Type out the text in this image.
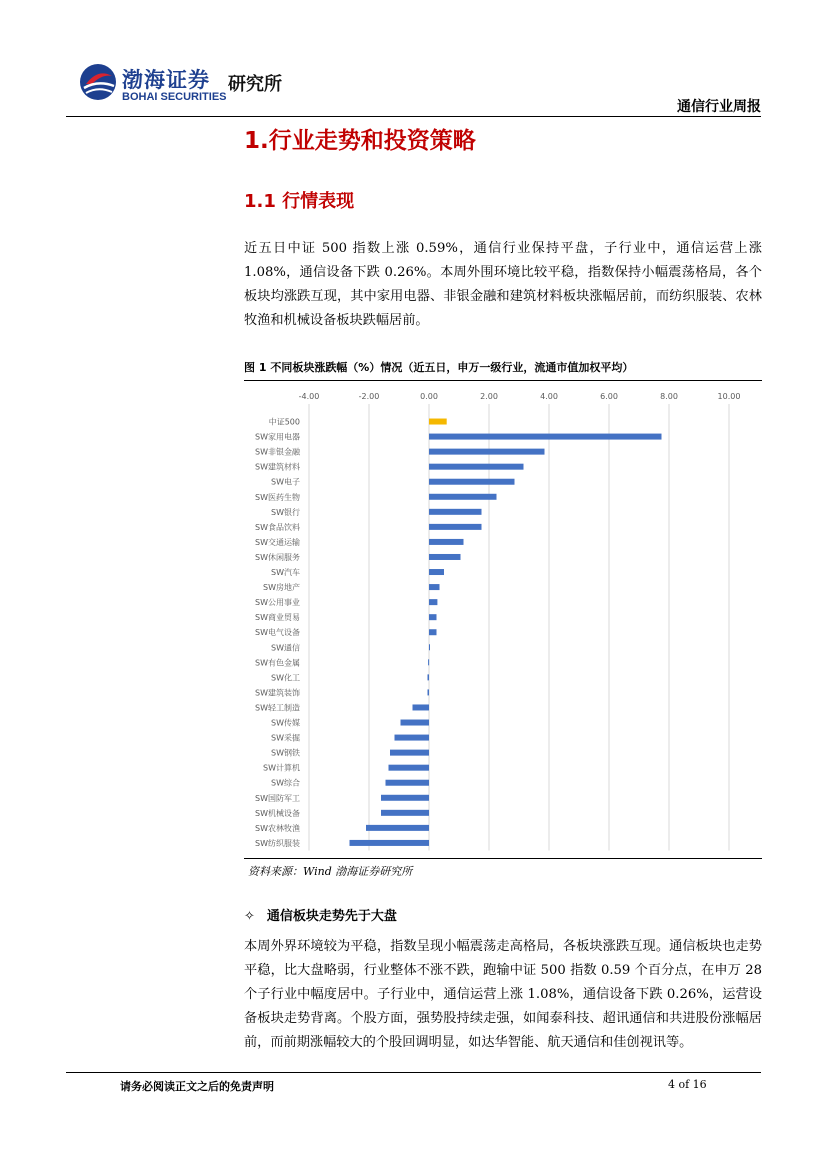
渤海证券
BOHAI SECURITIES
研究所
通信行业周报
1.行业走势和投资策略
1.1 行情表现
近五日中证 500 指数上涨 0.59%，通信行业保持平盘，子行业中，通信运营上涨 1.08%，通信设备下跌 0.26%。本周外围环境比较平稳，指数保持小幅震荡格局，各个板块均涨跌互现，其中家用电器、非银金融和建筑材料板块涨幅居前，而纺织服装、农林牧渔和机械设备板块跌幅居前。
图 1 不同板块涨跌幅（%）情况（近五日，申万一级行业，流通市值加权平均）
-4.00	-2.00	0.00	2.00	4.00	6.00	8.00	10.00
中证500
SW家用电器
SW非银金融
SW建筑材料
SW电子
SW医药生物
SW银行
SW食品饮料
SW交通运输
SW休闲服务
SW汽车
SW房地产
SW公用事业
SW商业贸易
SW电气设备
SW通信
SW有色金属
SW化工
SW建筑装饰
SW轻工制造
SW传媒
SW采掘
SW钢铁
SW计算机
SW综合
SW国防军工
SW机械设备
SW农林牧渔
SW纺织服装
资料来源：Wind 渤海证券研究所
✧ 通信板块走势先于大盘
本周外界环境较为平稳，指数呈现小幅震荡走高格局，各板块涨跌互现。通信板块也走势平稳，比大盘略弱，行业整体不涨不跌，跑输中证 500 指数 0.59 个百分点，在申万 28 个子行业中幅度居中。子行业中，通信运营上涨 1.08%，通信设备下跌 0.26%，运营设备板块走势背离。个股方面，强势股持续走强，如闻泰科技、超讯通信和共进股份涨幅居前，而前期涨幅较大的个股回调明显，如达华智能、航天通信和佳创视讯等。
请务必阅读正文之后的免责声明	4 of 16
